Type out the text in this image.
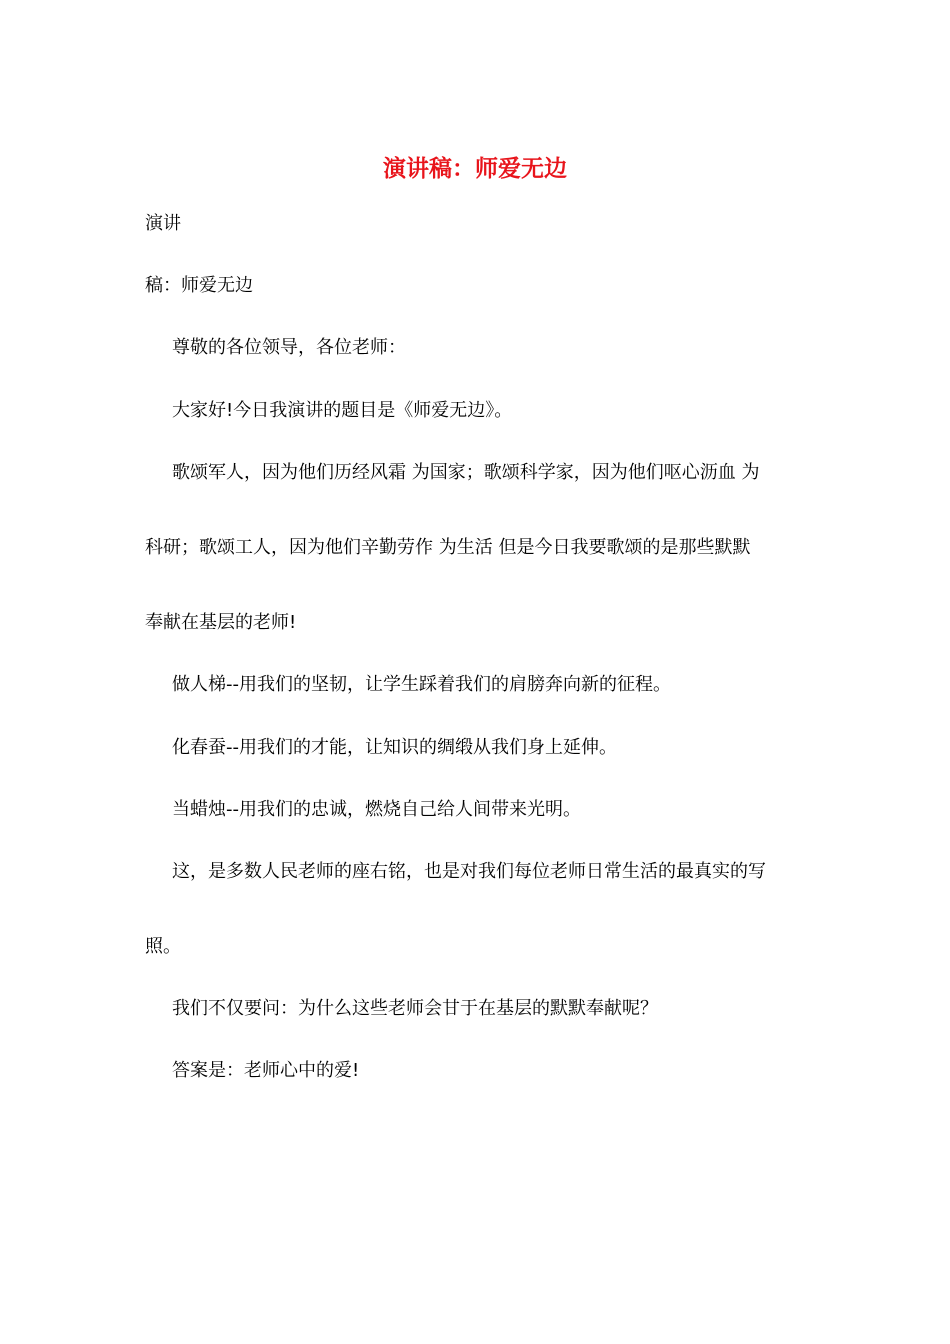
演讲稿：师爱无边
演讲
稿：师爱无边
尊敬的各位领导，各位老师：
大家好!今日我演讲的题目是《师爱无边》。
歌颂军人，因为他们历经风霜 为国家；歌颂科学家，因为他们呕心沥血 为
科研；歌颂工人，因为他们辛勤劳作 为生活 但是今日我要歌颂的是那些默默
奉献在基层的老师!
做人梯--用我们的坚韧，让学生踩着我们的肩膀奔向新的征程。
化春蚕--用我们的才能，让知识的绸缎从我们身上延伸。
当蜡烛--用我们的忠诚，燃烧自己给人间带来光明。
这，是多数人民老师的座右铭，也是对我们每位老师日常生活的最真实的写
照。
我们不仅要问：为什么这些老师会甘于在基层的默默奉献呢？
答案是：老师心中的爱!
